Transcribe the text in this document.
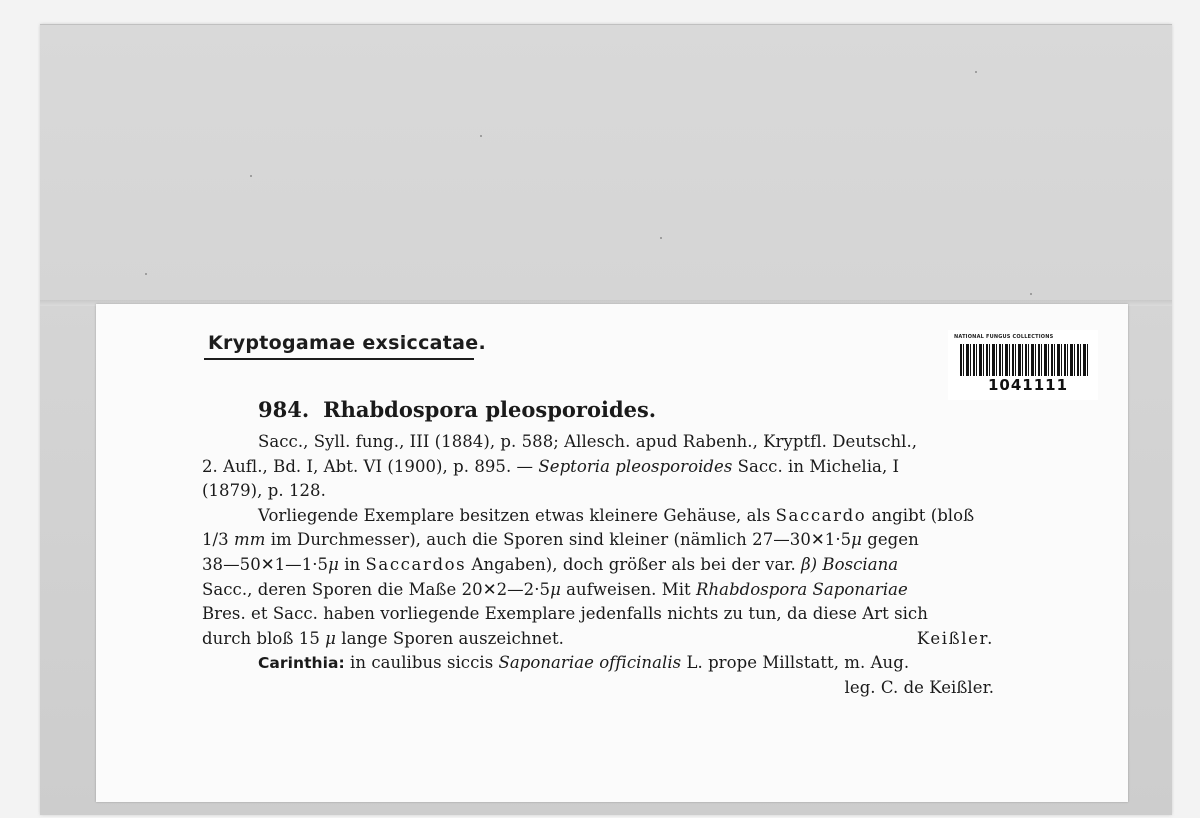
Kryptogamae exsiccatae.	NATIONAL FUNGUS COLLECTIONS
1041111
984. Rhabdospora pleosporoides.

Sacc., Syll. fung., III (1884), p. 588; Allesch. apud Rabenh., Kryptfl. Deutschl.,

2. Aufl., Bd. I, Abt. VI (1900), p. 895. — Septoria pleosporoides Sacc. in Michelia, I

(1879), p. 128.

Vorliegende Exemplare besitzen etwas kleinere Gehäuse, als Saccardo angibt (bloß

1/3 mm im Durchmesser), auch die Sporen sind kleiner (nämlich 27—30✕1·5μ gegen

38—50✕1—1·5μ in Saccardos Angaben), doch größer als bei der var. β) Bosciana

Sacc., deren Sporen die Maße 20✕2—2·5μ aufweisen. Mit Rhabdospora Saponariae

Bres. et Sacc. haben vorliegende Exemplare jedenfalls nichts zu tun, da diese Art sich

durch bloß 15 μ lange Sporen auszeichnet.	Keißler.

Carinthia: in caulibus siccis Saponariae officinalis L. prope Millstatt, m. Aug.

leg. C. de Keißler.
